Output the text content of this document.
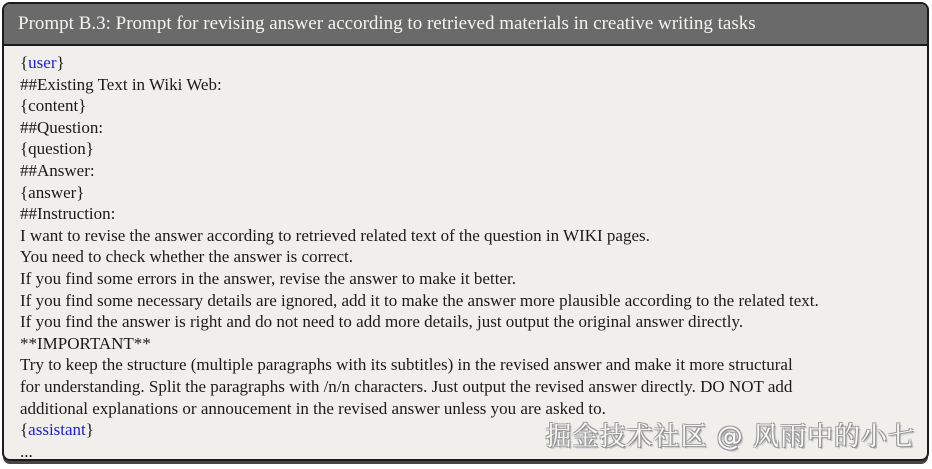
Prompt B.3: Prompt for revising answer according to retrieved materials in creative writing tasks
{user}
##Existing Text in Wiki Web:
{content}
##Question:
{question}
##Answer:
{answer}
##Instruction:
I want to revise the answer according to retrieved related text of the question in WIKI pages.
You need to check whether the answer is correct.
If you find some errors in the answer, revise the answer to make it better.
If you find some necessary details are ignored, add it to make the answer more plausible according to the related text.
If you find the answer is right and do not need to add more details, just output the original answer directly.
**IMPORTANT**
Try to keep the structure (multiple paragraphs with its subtitles) in the revised answer and make it more structural
for understanding. Split the paragraphs with /n/n characters. Just output the revised answer directly. DO NOT add
additional explanations or annoucement in the revised answer unless you are asked to.
{assistant}
...	掘金技术社区 @ 风雨中的小七
